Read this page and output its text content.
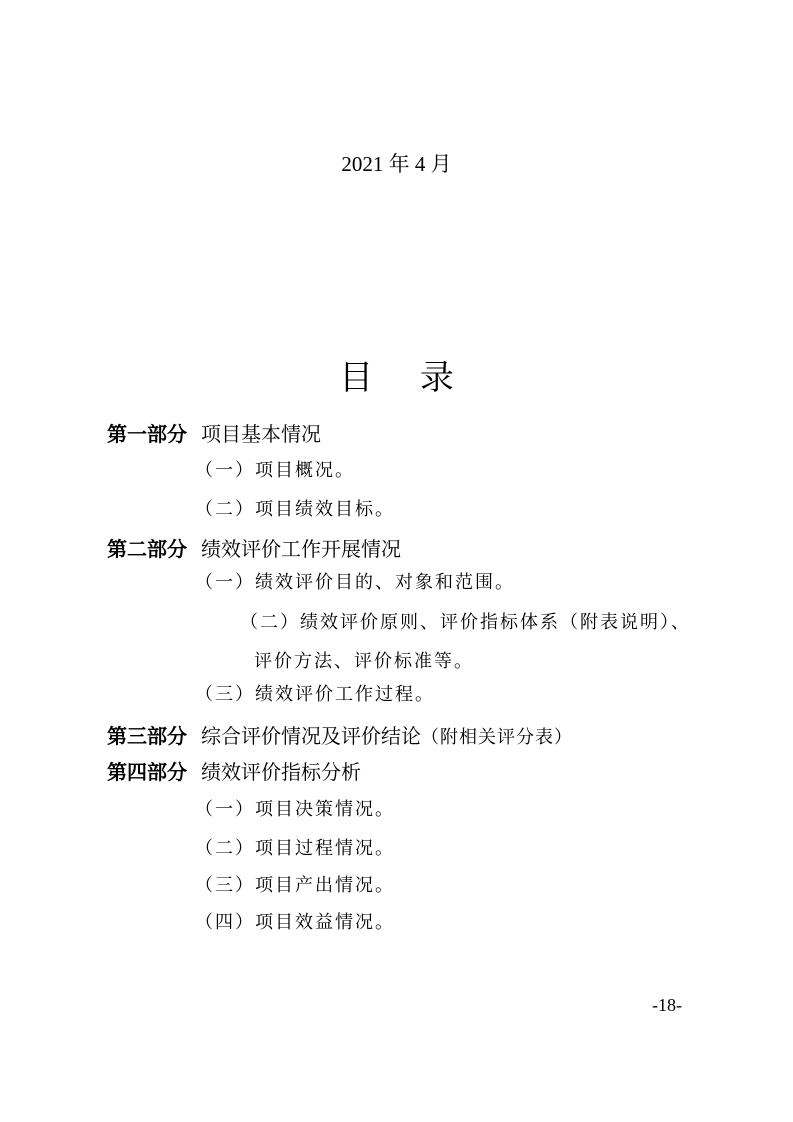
2021 年 4 月
目 录
第一部分 项目基本情况
（一）项目概况。
（二）项目绩效目标。
第二部分 绩效评价工作开展情况
（一）绩效评价目的、对象和范围。
（二）绩效评价原则、评价指标体系（附表说明）、
评价方法、评价标准等。
（三）绩效评价工作过程。
第三部分 综合评价情况及评价结论（附相关评分表）
第四部分 绩效评价指标分析
（一）项目决策情况。
（二）项目过程情况。
（三）项目产出情况。
（四）项目效益情况。
-18-
